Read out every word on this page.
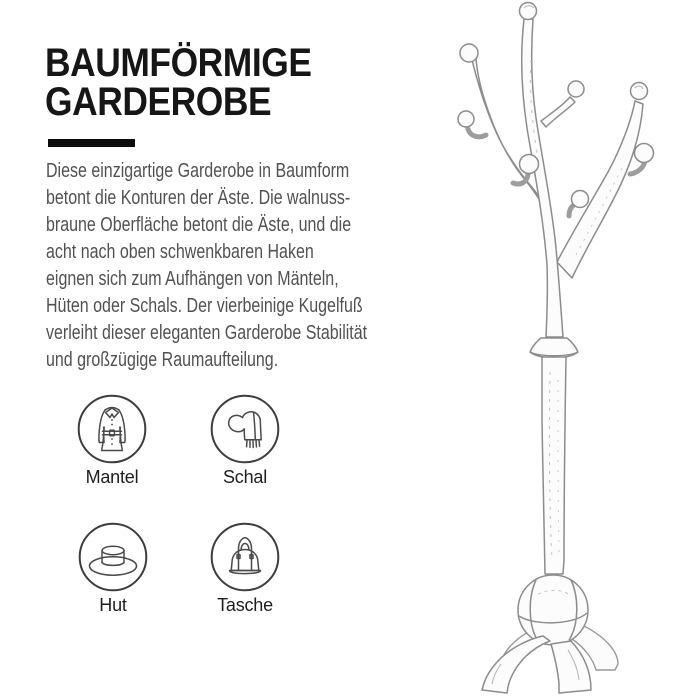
BAUMFÖRMIGE
GARDEROBE
Diese einzigartige Garderobe in Baumform
betont die Konturen der Äste. Die walnuss-
braune Oberfläche betont die Äste, und die
acht nach oben schwenkbaren Haken
eignen sich zum Aufhängen von Mänteln,
Hüten oder Schals. Der vierbeinige Kugelfuß
verleiht dieser eleganten Garderobe Stabilität
und großzügige Raumaufteilung.
Mantel	Schal
Hut	Tasche
